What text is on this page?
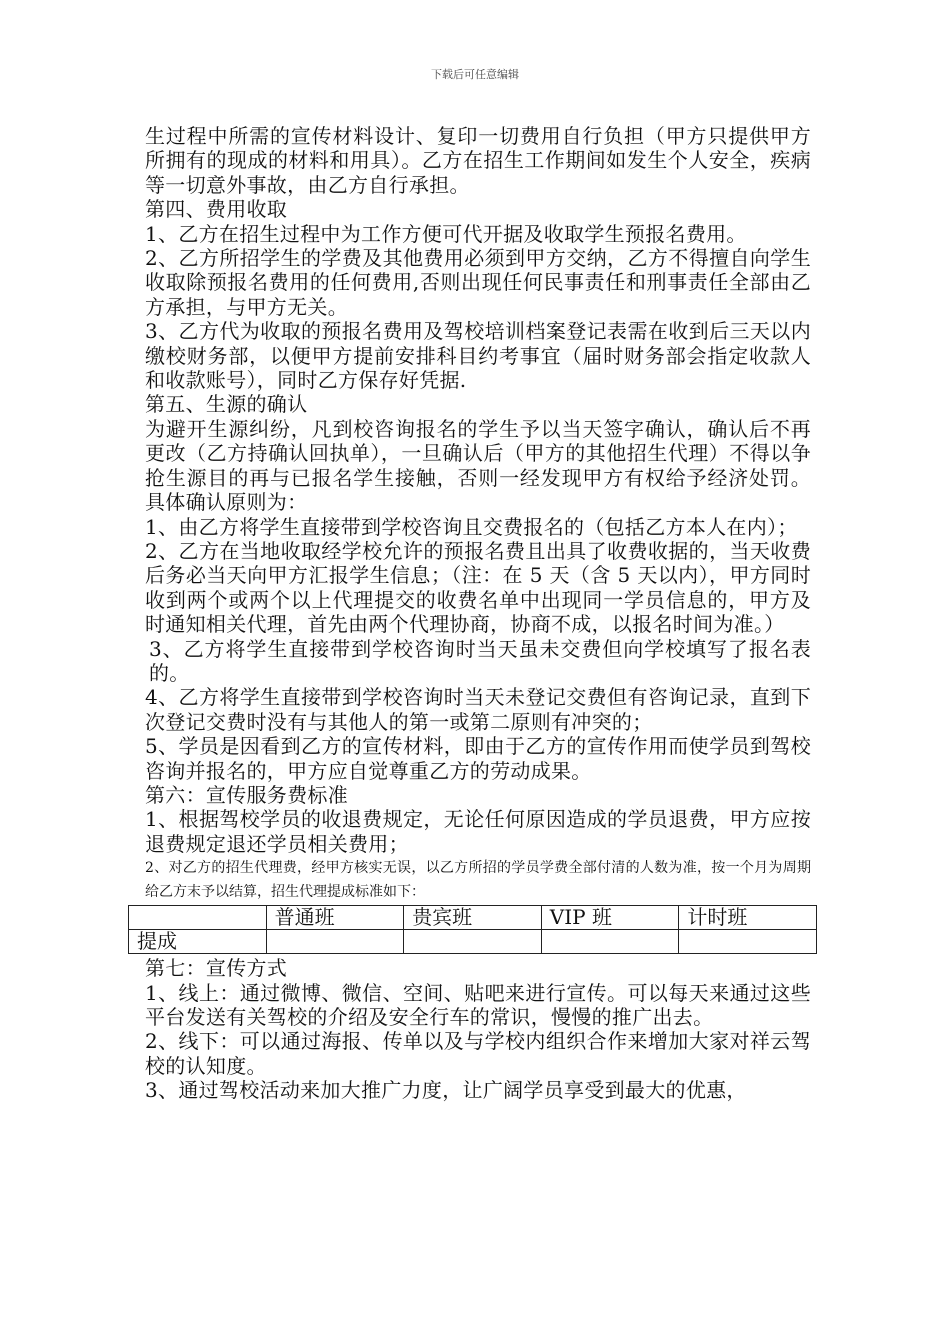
下载后可任意编辑

生过程中所需的宣传材料设计、复印一切费用自行负担（甲方只提供甲方所拥有的现成的材料和用具）。乙方在招生工作期间如发生个人安全，疾病等一切意外事故，由乙方自行承担。

第四、费用收取

1、乙方在招生过程中为工作方便可代开据及收取学生预报名费用。

2、乙方所招学生的学费及其他费用必须到甲方交纳，乙方不得擅自向学生收取除预报名费用的任何费用,否则出现任何民事责任和刑事责任全部由乙方承担，与甲方无关。

3、乙方代为收取的预报名费用及驾校培训档案登记表需在收到后三天以内缴校财务部，以便甲方提前安排科目约考事宜（届时财务部会指定收款人和收款账号），同时乙方保存好凭据.

第五、生源的确认

为避开生源纠纷，凡到校咨询报名的学生予以当天签字确认，确认后不再更改（乙方持确认回执单），一旦确认后（甲方的其他招生代理）不得以争抢生源目的再与已报名学生接触，否则一经发现甲方有权给予经济处罚。具体确认原则为：

1、由乙方将学生直接带到学校咨询且交费报名的（包括乙方本人在内）；

2、乙方在当地收取经学校允许的预报名费且出具了收费收据的，当天收费后务必当天向甲方汇报学生信息；（注：在 5 天（含 5 天以内），甲方同时收到两个或两个以上代理提交的收费名单中出现同一学员信息的，甲方及时通知相关代理，首先由两个代理协商，协商不成，以报名时间为准。）

3、乙方将学生直接带到学校咨询时当天虽未交费但向学校填写了报名表的。

4、乙方将学生直接带到学校咨询时当天未登记交费但有咨询记录，直到下次登记交费时没有与其他人的第一或第二原则有冲突的；

5、学员是因看到乙方的宣传材料，即由于乙方的宣传作用而使学员到驾校咨询并报名的，甲方应自觉尊重乙方的劳动成果。

第六：宣传服务费标准

1、根据驾校学员的收退费规定，无论任何原因造成的学员退费，甲方应按退费规定退还学员相关费用；

2、对乙方的招生代理费，经甲方核实无误，以乙方所招的学员学费全部付清的人数为准，按一个月为周期给乙方末予以结算，招生代理提成标准如下：

	普通班	贵宾班	VIP 班	计时班
提成				

第七：宣传方式

1、线上：通过微博、微信、空间、贴吧来进行宣传。可以每天来通过这些平台发送有关驾校的介绍及安全行车的常识，慢慢的推广出去。

2、线下：可以通过海报、传单以及与学校内组织合作来增加大家对祥云驾校的认知度。

3、通过驾校活动来加大推广力度，让广阔学员享受到最大的优惠，
